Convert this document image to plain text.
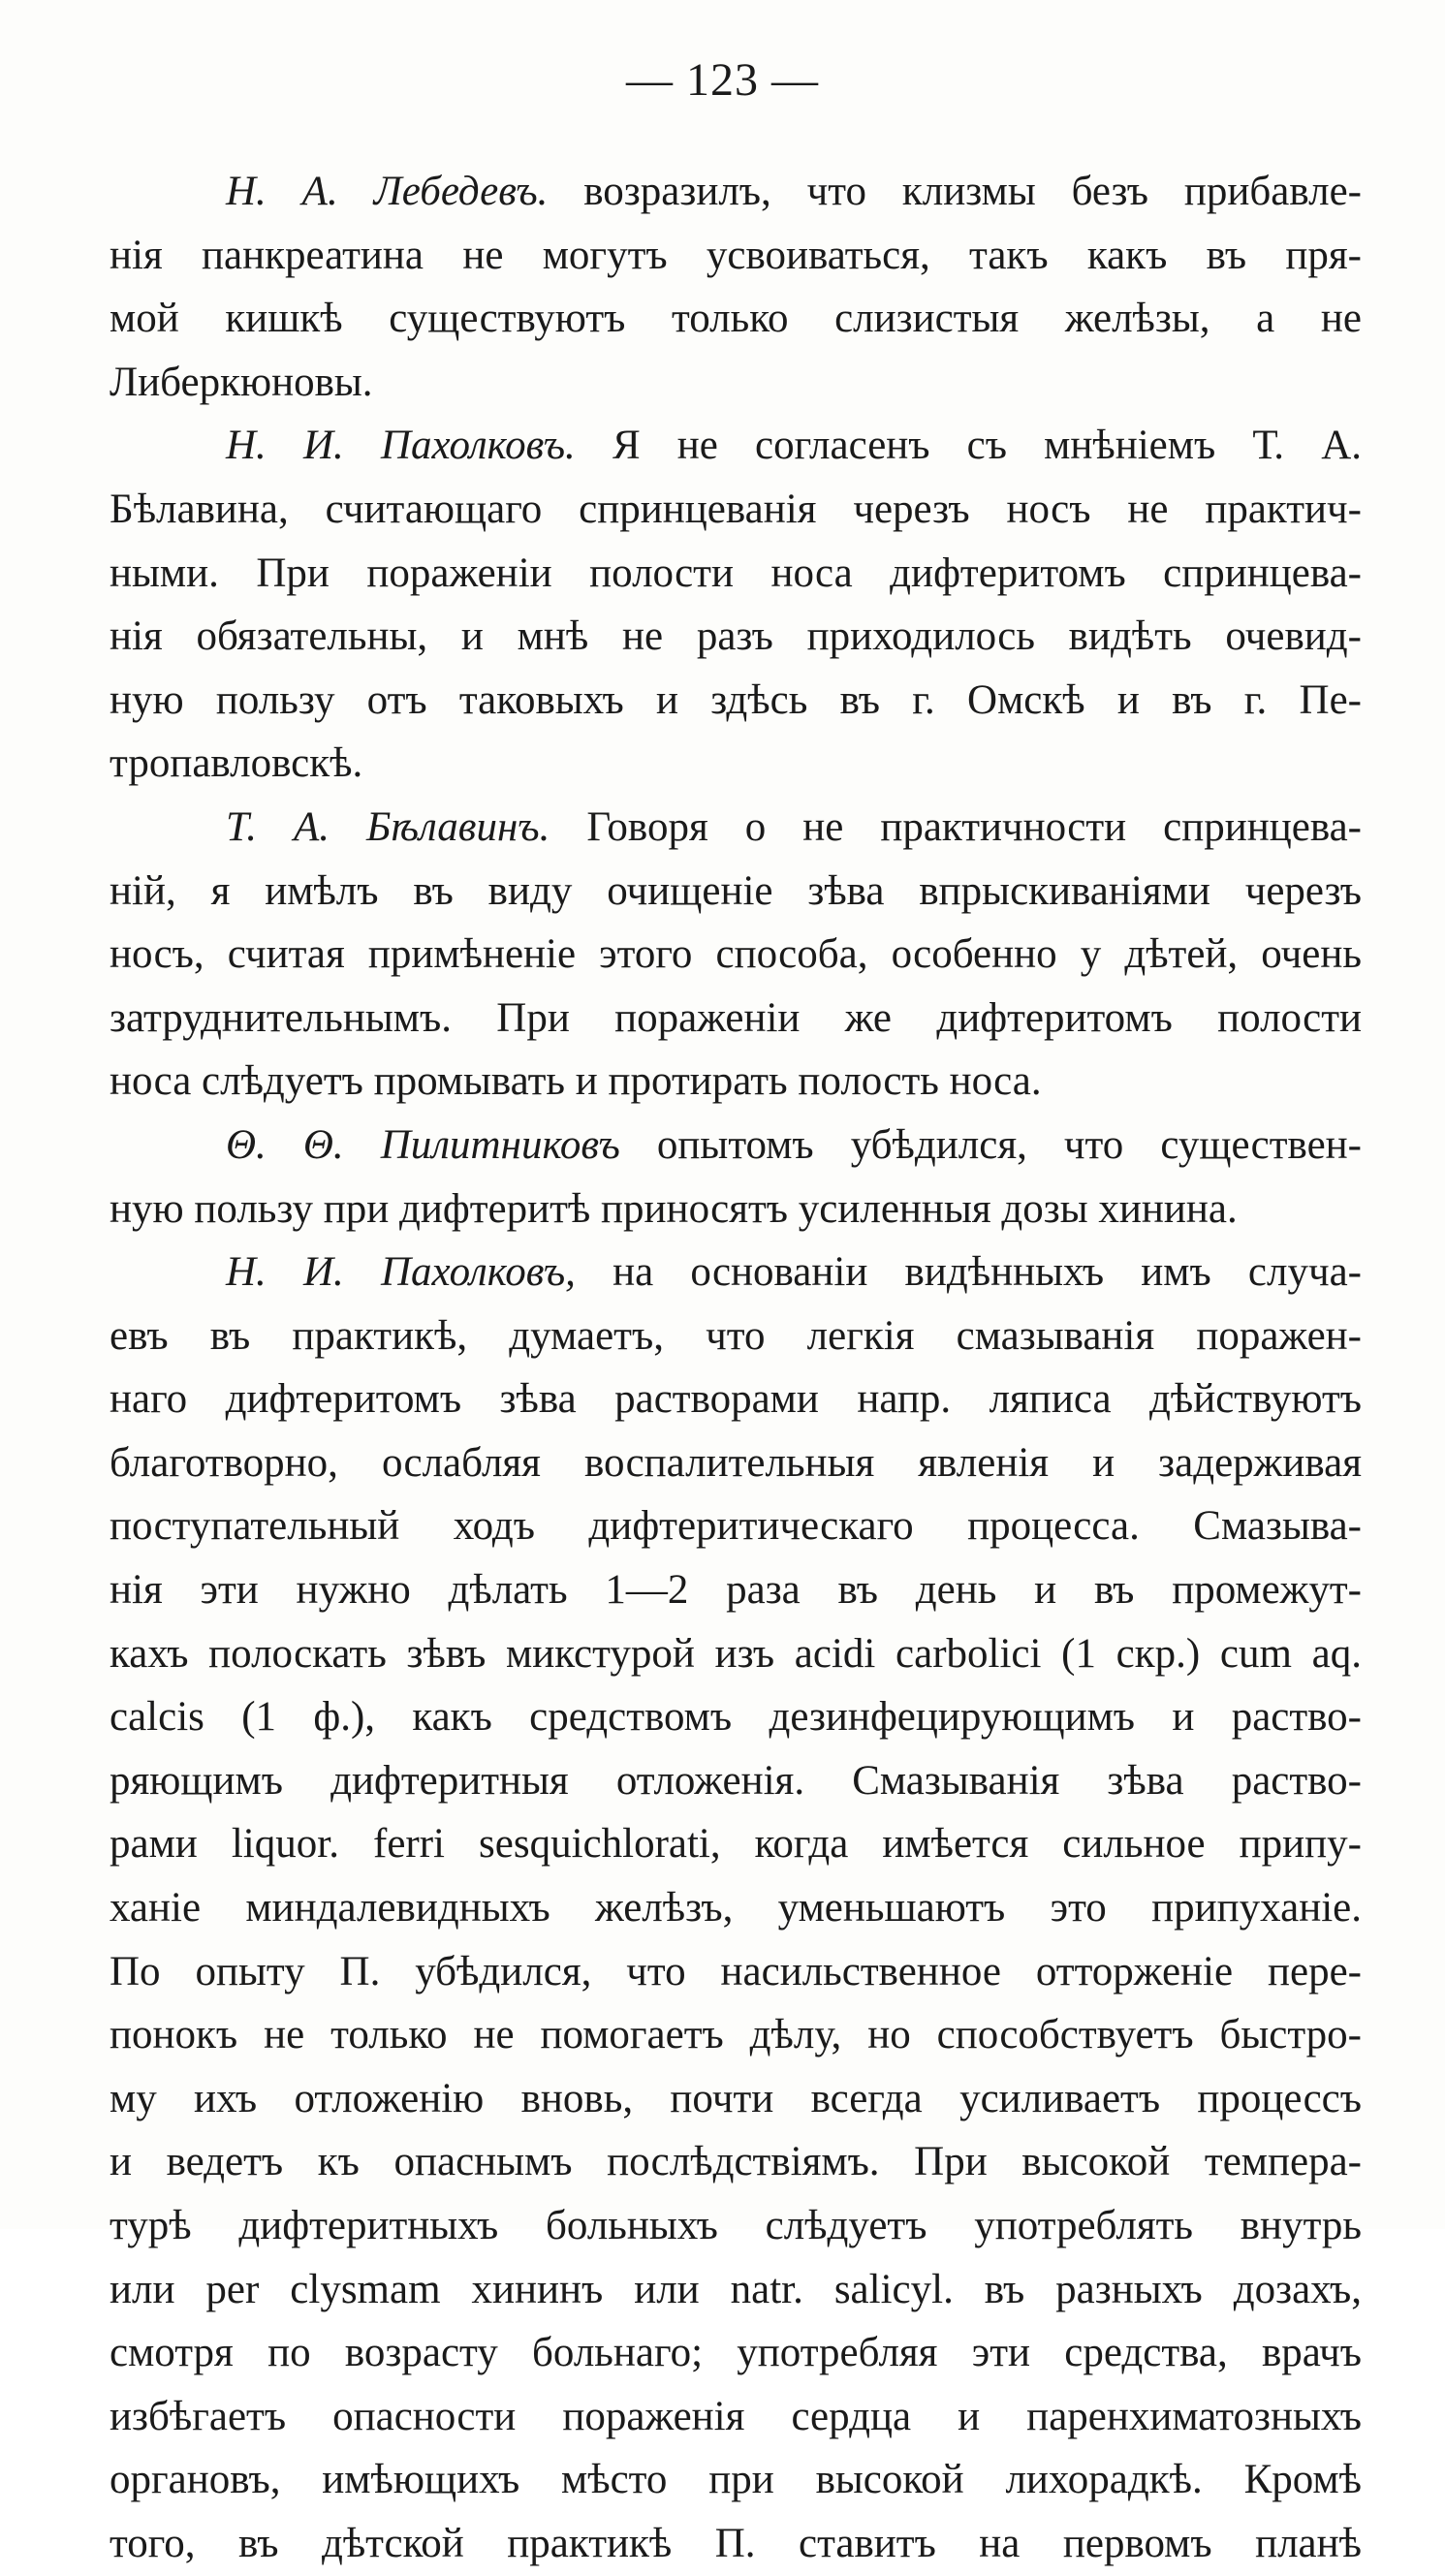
— 123 —
Н. А. Лебедевъ. возразилъ, что клизмы безъ прибавле-
нія панкреатина не могутъ усвоиваться, такъ какъ въ пря-
мой кишкѣ существуютъ только слизистыя желѣзы, а не
Либеркюновы.
Н. И. Пахолковъ. Я не согласенъ съ мнѣніемъ Т. А.
Бѣлавина, считающаго спринцеванія черезъ носъ не практич-
ными. При пораженіи полости носа дифтеритомъ спринцева-
нія обязательны, и мнѣ не разъ приходилось видѣть очевид-
ную пользу отъ таковыхъ и здѣсь въ г. Омскѣ и въ г. Пе-
тропавловскѣ.
Т. А. Бѣлавинъ. Говоря о не практичности спринцева-
ній, я имѣлъ въ виду очищеніе зѣва впрыскиваніями черезъ
носъ, считая примѣненіе этого способа, особенно у дѣтей, очень
затруднительнымъ. При пораженіи же дифтеритомъ полости
носа слѣдуетъ промывать и протирать полость носа.
Θ. Θ. Пилитниковъ опытомъ убѣдился, что существен-
ную пользу при дифтеритѣ приносятъ усиленныя дозы хинина.
Н. И. Пахолковъ, на основаніи видѣнныхъ имъ случа-
евъ въ практикѣ, думаетъ, что легкія смазыванія поражен-
наго дифтеритомъ зѣва растворами напр. ляписа дѣйствуютъ
благотворно, ослабляя воспалительныя явленія и задерживая
поступательный ходъ дифтеритическаго процесса. Смазыва-
нія эти нужно дѣлать 1—2 раза въ день и въ промежут-
кахъ полоскать зѣвъ микстурой изъ acidi carbolici (1 скр.) cum aq.
calcis (1 ф.), какъ средствомъ дезинфецирующимъ и раство-
ряющимъ дифтеритныя отложенія. Смазыванія зѣва раство-
рами liquor. ferri sesquichlorati, когда имѣется сильное припу-
ханіе миндалевидныхъ желѣзъ, уменьшаютъ это припуханіе.
По опыту П. убѣдился, что насильственное отторженіе пере-
понокъ не только не помогаетъ дѣлу, но способствуетъ быстро-
му ихъ отложенію вновь, почти всегда усиливаетъ процессъ
и ведетъ къ опаснымъ послѣдствіямъ. При высокой темпера-
турѣ дифтеритныхъ больныхъ слѣдуетъ употреблять внутрь
или per clysmam хининъ или natr. salicyl. въ разныхъ дозахъ,
смотря по возрасту больнаго; употребляя эти средства, врачъ
избѣгаетъ опасности пораженія сердца и паренхиматозныхъ
органовъ, имѣющихъ мѣсто при высокой лихорадкѣ. Кромѣ
того, въ дѣтской практикѣ П. ставитъ на первомъ планѣ
